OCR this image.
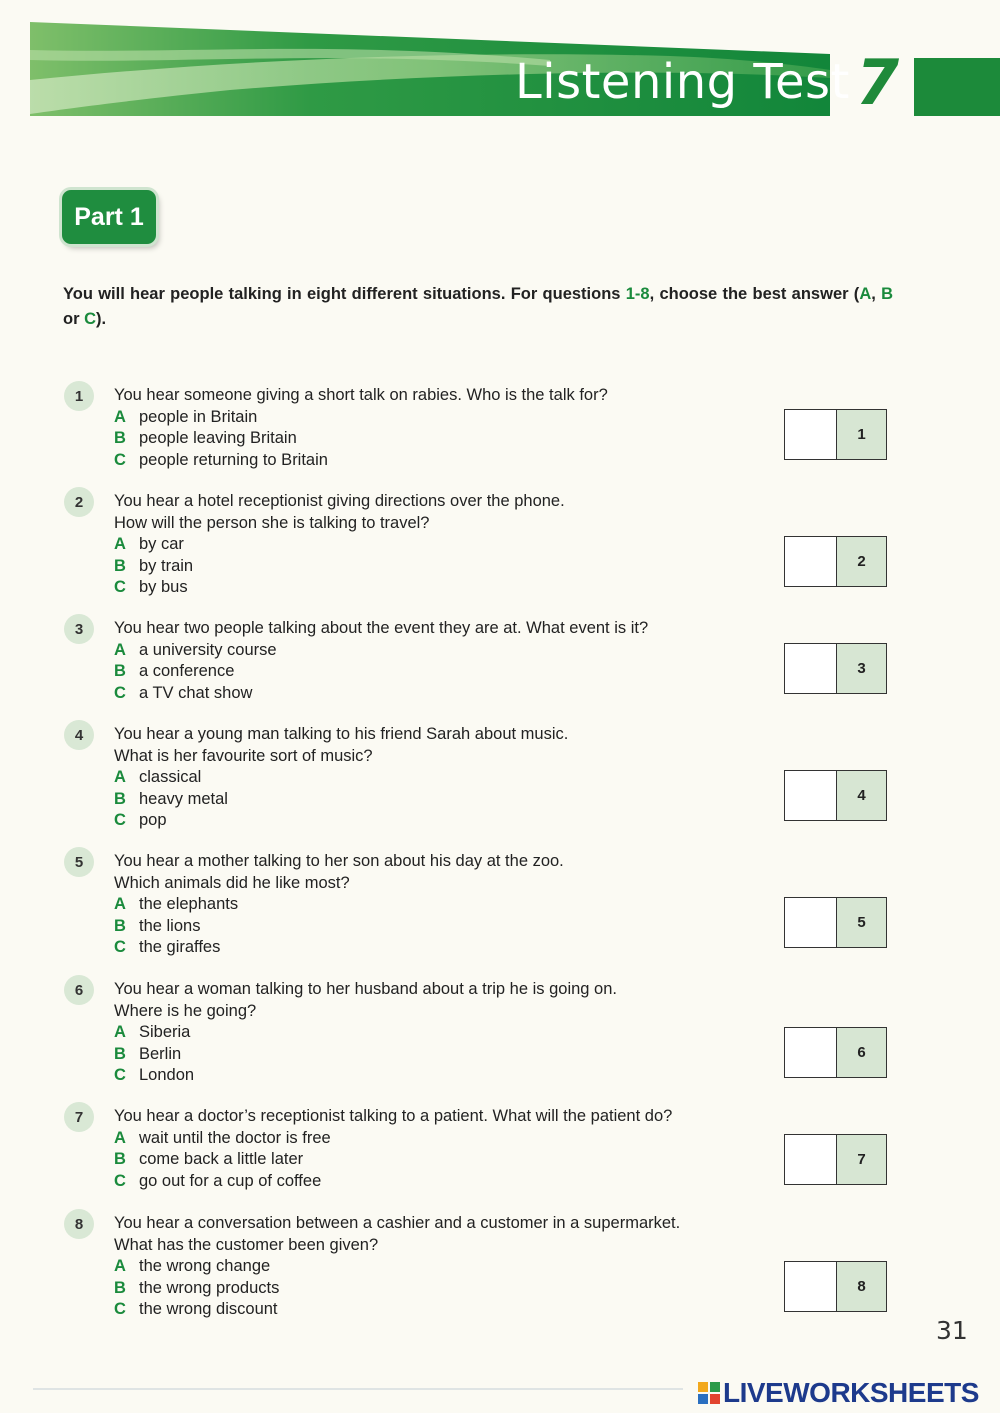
Listening Test 7
Part 1
You will hear people talking in eight different situations. For questions 1-8, choose the best answer (A, B or C).
1	You hear someone giving a short talk on rabies. Who is the talk for?
A people in Britain
B people leaving Britain
C people returning to Britain
1
2	You hear a hotel receptionist giving directions over the phone.
How will the person she is talking to travel?
A by car
B by train
C by bus
2
3	You hear two people talking about the event they are at. What event is it?
A a university course
B a conference
C a TV chat show
3
4	You hear a young man talking to his friend Sarah about music.
What is her favourite sort of music?
A classical
B heavy metal
C pop
4
5	You hear a mother talking to her son about his day at the zoo.
Which animals did he like most?
A the elephants
B the lions
C the giraffes
5
6	You hear a woman talking to her husband about a trip he is going on.
Where is he going?
A Siberia
B Berlin
C London
6
7	You hear a doctor’s receptionist talking to a patient. What will the patient do?
A wait until the doctor is free
B come back a little later
C go out for a cup of coffee
7
8	You hear a conversation between a cashier and a customer in a supermarket.
What has the customer been given?
A the wrong change
B the wrong products
C the wrong discount
8
31
LIVEWORKSHEETS
